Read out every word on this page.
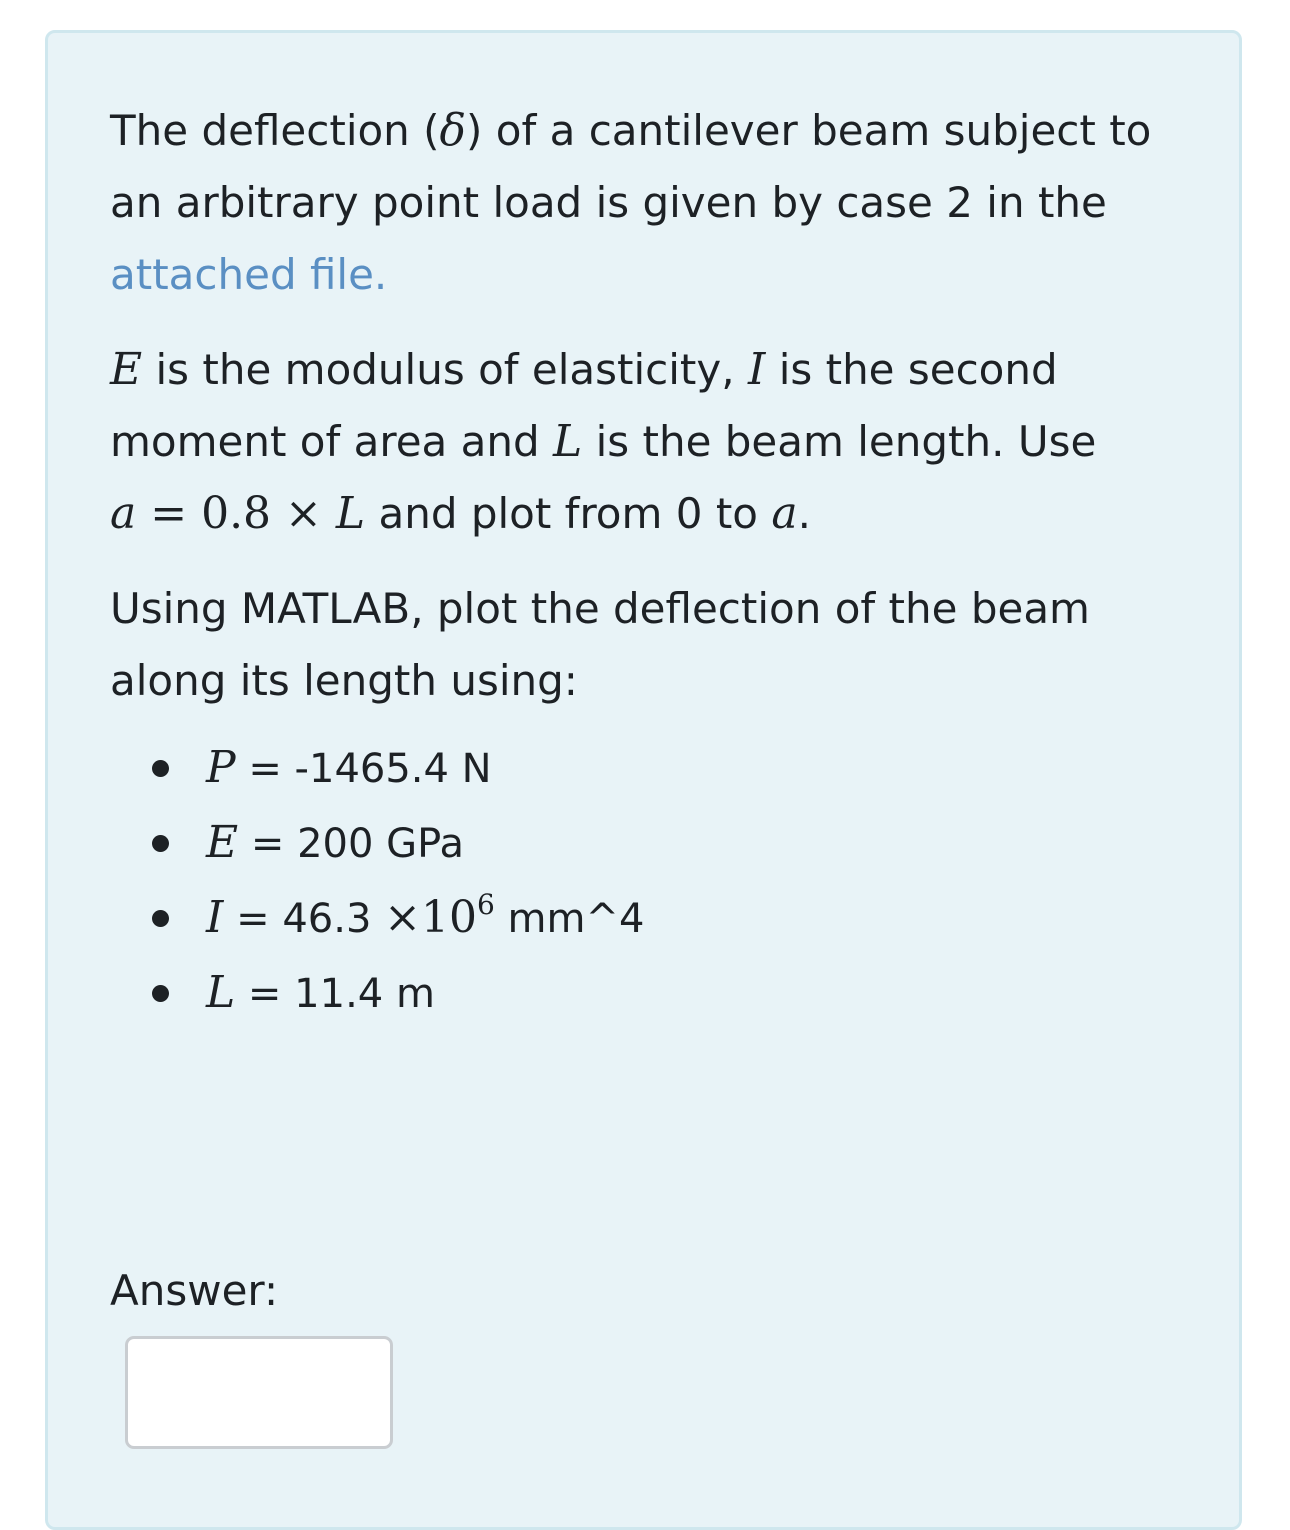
The deflection (δ) of a cantilever beam subject to an arbitrary point load is given by case 2 in the attached file.

E is the modulus of elasticity, I is the second moment of area and L is the beam length. Use
a = 0.8 × L and plot from 0 to a.

Using MATLAB, plot the deflection of the beam along its length using:

P = -1465.4 N
E = 200 GPa
$I = 46.3 \times 10^6$ mm^4
L = 11.4 m
Answer:
